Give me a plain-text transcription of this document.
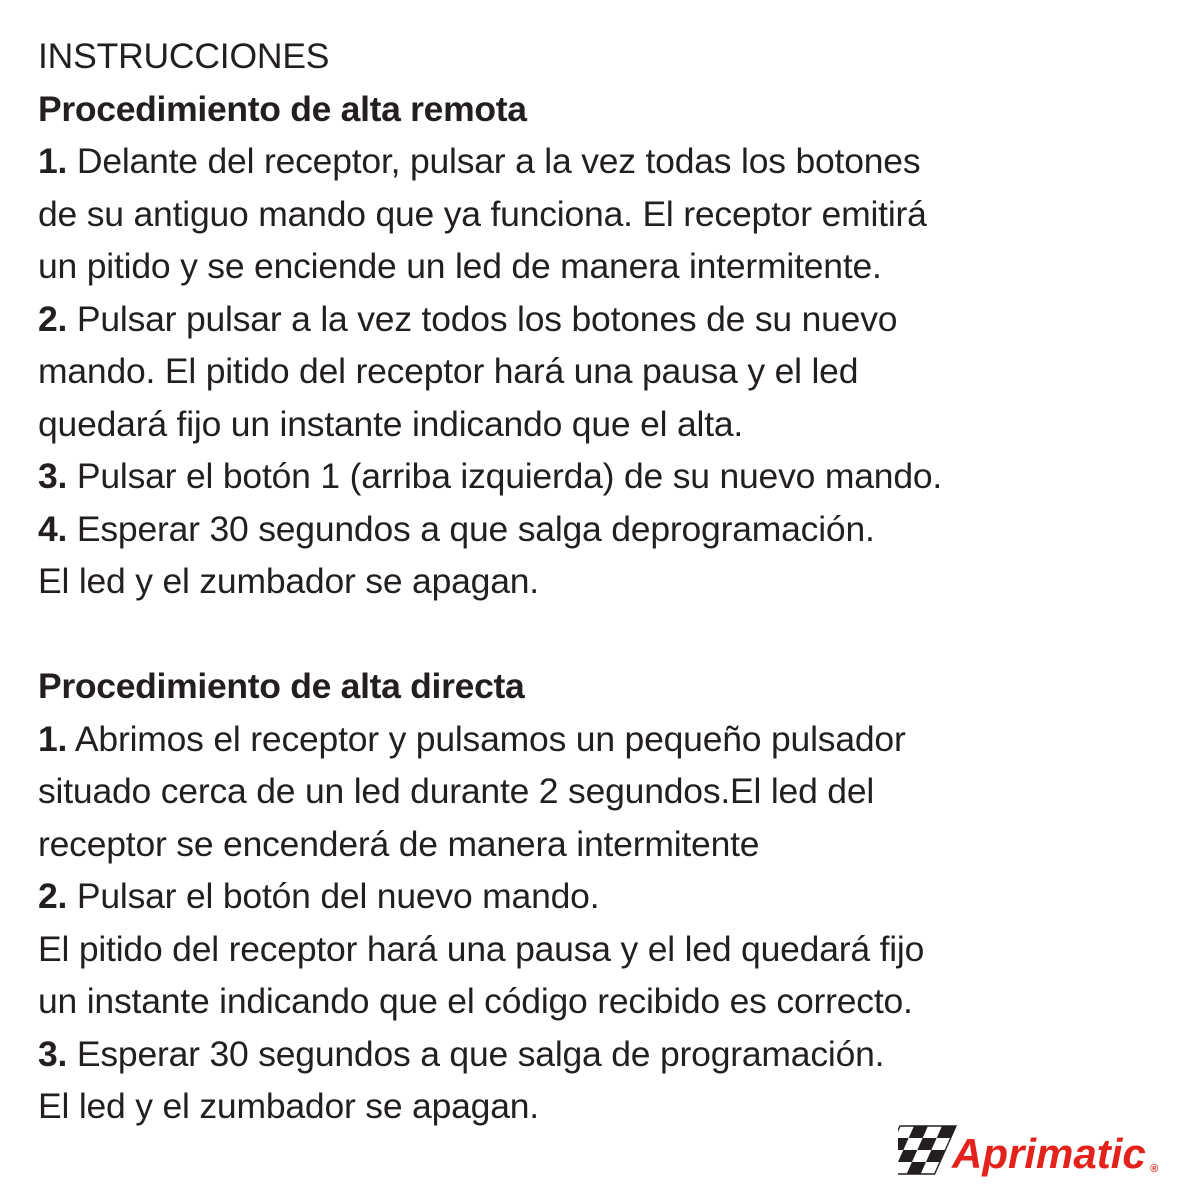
INSTRUCCIONES
Procedimiento de alta remota
1. Delante del receptor, pulsar a la vez todas los botones
de su antiguo mando que ya funciona. El receptor emitirá
un pitido y se enciende un led de manera intermitente.
2. Pulsar pulsar a la vez todos los botones de su nuevo
mando. El pitido del receptor hará una pausa y el led
quedará fijo un instante indicando que el alta.
3. Pulsar el botón 1 (arriba izquierda) de su nuevo mando.
4. Esperar 30 segundos a que salga deprogramación.
El led y el zumbador se apagan.
Procedimiento de alta directa
1. Abrimos el receptor y pulsamos un pequeño pulsador
situado cerca de un led durante 2 segundos.El led del
receptor se encenderá de manera intermitente
2. Pulsar el botón del nuevo mando.
El pitido del receptor hará una pausa y el led quedará fijo
un instante indicando que el código recibido es correcto.
3. Esperar 30 segundos a que salga de programación.
El led y el zumbador se apagan.
Aprimatic ®
